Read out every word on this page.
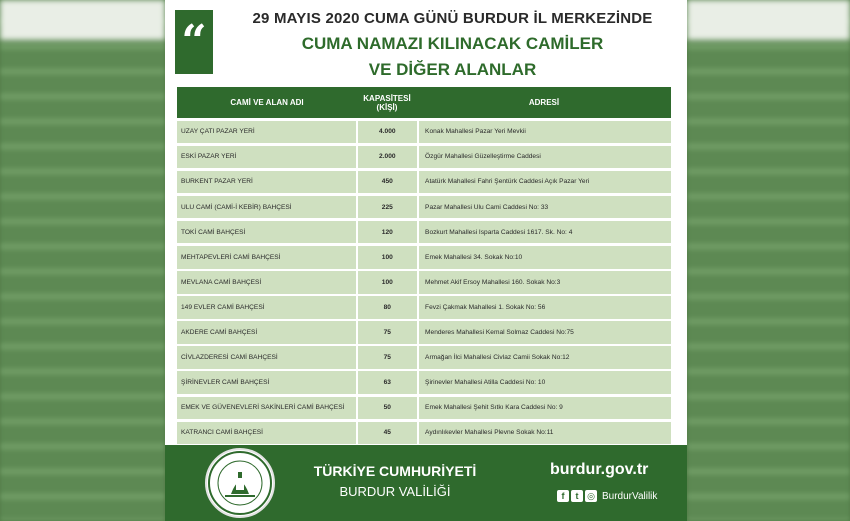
“	29 MAYIS 2020 CUMA GÜNÜ BURDUR İL MERKEZİNDE
CUMA NAMAZI KILINACAK CAMİLER
VE DİĞER ALANLAR
CAMİ VE ALAN ADI	KAPASİTESİ (KİŞİ)	ADRESİ
UZAY ÇATI PAZAR YERİ	4.000	Konak Mahallesi Pazar Yeri Mevkii
ESKİ PAZAR YERİ	2.000	Özgür Mahallesi Güzelleştirme Caddesi
BURKENT PAZAR YERİ	450	Atatürk Mahallesi Fahri Şentürk Caddesi Açık Pazar Yeri
ULU CAMİ (CAMİ-İ KEBİR) BAHÇESİ	225	Pazar Mahallesi Ulu Cami Caddesi No: 33
TOKİ CAMİ BAHÇESİ	120	Bozkurt Mahallesi Isparta Caddesi 1617. Sk. No: 4
MEHTAPEVLERİ CAMİ BAHÇESİ	100	Emek Mahallesi 34. Sokak No:10
MEVLANA CAMİ BAHÇESİ	100	Mehmet Akif Ersoy Mahallesi 160. Sokak No:3
149 EVLER CAMİ BAHÇESİ	80	Fevzi Çakmak Mahallesi 1. Sokak No: 56
AKDERE CAMİ BAHÇESİ	75	Menderes Mahallesi Kemal Solmaz Caddesi No:75
CİVLAZDERESİ CAMİ BAHÇESİ	75	Armağan İlci Mahallesi Civlaz Camii Sokak No:12
ŞİRİNEVLER CAMİ BAHÇESİ	63	Şirinevler Mahallesi Atilla Caddesi No: 10
EMEK VE GÜVENEVLERİ SAKİNLERİ CAMİ BAHÇESİ	50	Emek Mahallesi Şehit Sıtkı Kara Caddesi No: 9
KATRANCI CAMİ BAHÇESİ	45	Aydınlıkevler Mahallesi Plevne Sokak No:11
TÜRKİYE CUMHURİYETİ
BURDUR VALİLİĞİ
burdur.gov.tr
f	t ◎ BurdurValilik
